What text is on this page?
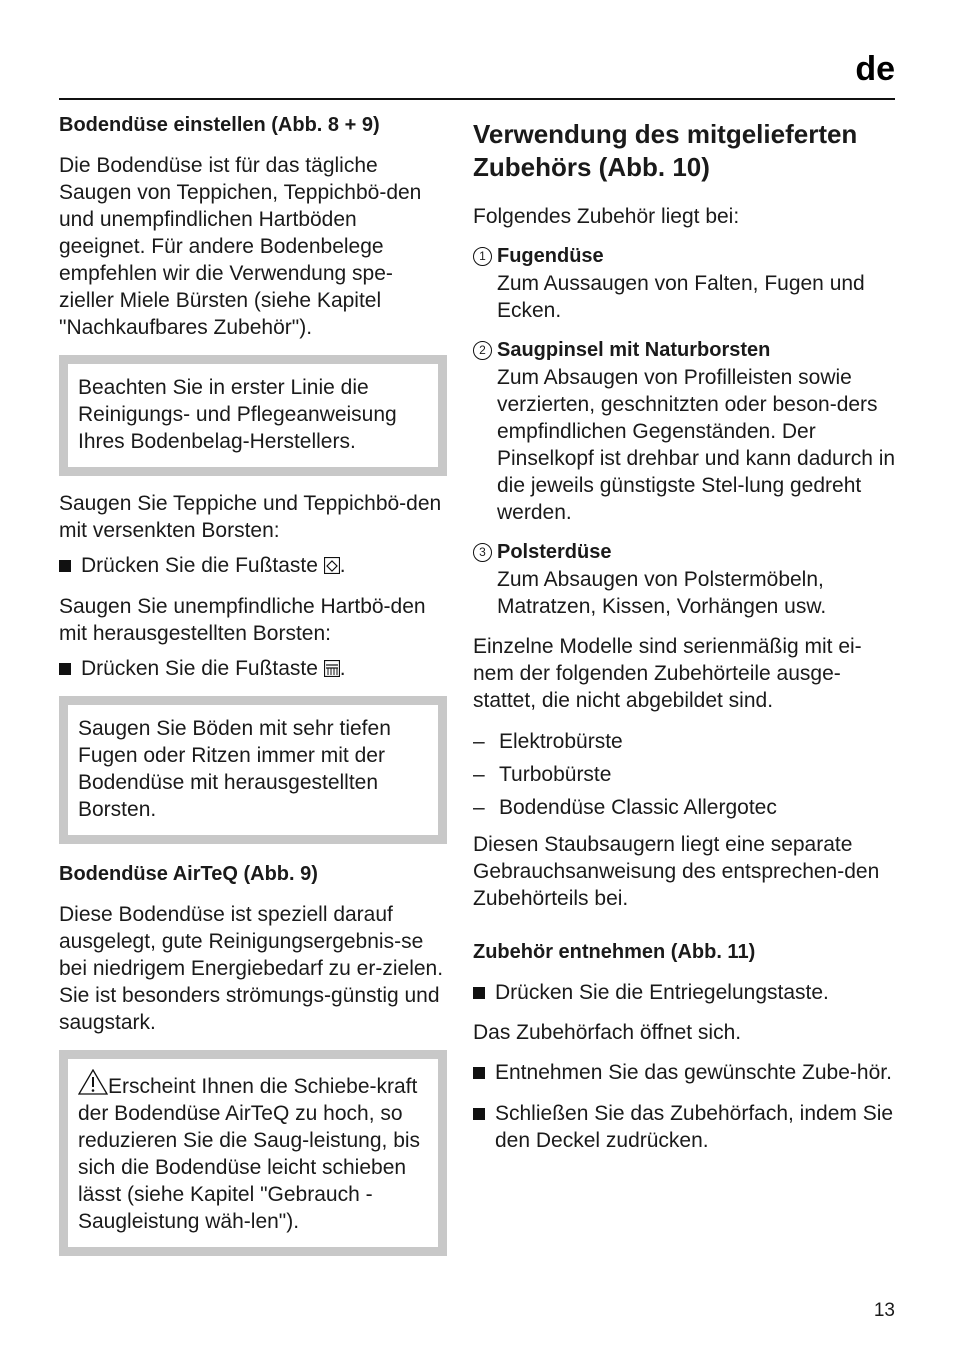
de

Bodendüse einstellen (Abb. 8 + 9)

Die Bodendüse ist für das tägliche Saugen von Teppichen, Teppichbö-den und unempfindlichen Hartböden geeignet. Für andere Bodenbelege empfehlen wir die Verwendung spe-zieller Miele Bürsten (siehe Kapitel "Nachkaufbares Zubehör").

Beachten Sie in erster Linie die Reinigungs- und Pflegeanweisung Ihres Bodenbelag-Herstellers.

Saugen Sie Teppiche und Teppichbö-den mit versenkten Borsten:

Drücken Sie die Fußtaste .

Saugen Sie unempfindliche Hartbö-den mit herausgestellten Borsten:

Drücken Sie die Fußtaste .

Saugen Sie Böden mit sehr tiefen Fugen oder Ritzen immer mit der Bodendüse mit herausgestellten Borsten.

Bodendüse AirTeQ (Abb. 9)

Diese Bodendüse ist speziell darauf ausgelegt, gute Reinigungsergebnis-se bei niedrigem Energiebedarf zu er-zielen. Sie ist besonders strömungs-günstig und saugstark.

Erscheint Ihnen die Schiebe-kraft der Bodendüse AirTeQ zu hoch, so reduzieren Sie die Saug-leistung, bis sich die Bodendüse leicht schieben lässt (siehe Kapitel "Gebrauch - Saugleistung wäh-len").

Verwendung des mitgelieferten Zubehörs (Abb. 10)

Folgendes Zubehör liegt bei:

1 Fugendüse

Zum Aussaugen von Falten, Fugen und Ecken.

2 Saugpinsel mit Naturborsten

Zum Absaugen von Profilleisten sowie verzierten, geschnitzten oder beson-ders empfindlichen Gegenständen. Der Pinselkopf ist drehbar und kann dadurch in die jeweils günstigste Stel-lung gedreht werden.

3 Polsterdüse

Zum Absaugen von Polstermöbeln, Matratzen, Kissen, Vorhängen usw.

Einzelne Modelle sind serienmäßig mit ei-nem der folgenden Zubehörteile ausge-stattet, die nicht abgebildet sind.

– Elektrobürste
– Turbobürste
– Bodendüse Classic Allergotec

Diesen Staubsaugern liegt eine separate Gebrauchsanweisung des entsprechen-den Zubehörteils bei.

Zubehör entnehmen (Abb. 11)

Drücken Sie die Entriegelungstaste.

Das Zubehörfach öffnet sich.

Entnehmen Sie das gewünschte Zube-hör.
Schließen Sie das Zubehörfach, indem Sie den Deckel zudrücken.
13
